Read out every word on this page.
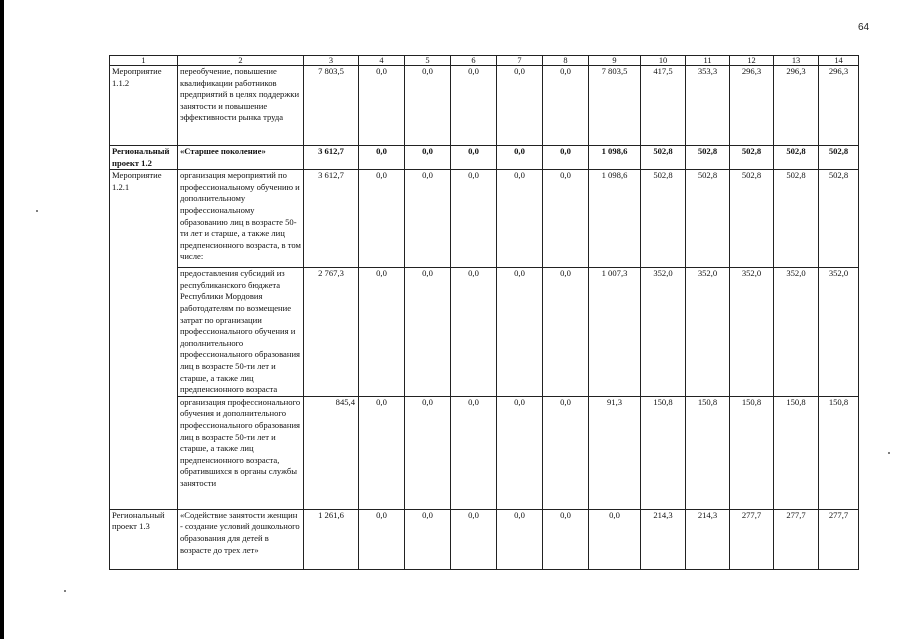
64
1	2	3	4	5	6	7	8	9	10	11	12	13	14
Мероприятие 1.1.2	переобучение, повышение квалификации работников предприятий в целях поддержки занятости и повышение эффективности рынка труда	7 803,5	0,0	0,0	0,0	0,0	0,0	7 803,5	417,5	353,3	296,3	296,3	296,3
Региональный проект 1.2	«Старшее поколение»	3 612,7	0,0	0,0	0,0	0,0	0,0	1 098,6	502,8	502,8	502,8	502,8	502,8
Мероприятие 1.2.1	организация мероприятий по профессиональному обучению и дополнительному профессиональному образованию лиц в возрасте 50-ти лет и старше, а также лиц предпенсионного возраста, в том числе:	3 612,7	0,0	0,0	0,0	0,0	0,0	1 098,6	502,8	502,8	502,8	502,8	502,8
	предоставления субсидий из республиканского бюджета Республики Мордовия работодателям по возмещение затрат по организации профессионального обучения и дополнительного профессионального образования лиц в возрасте 50-ти лет и старше, а также лиц предпенсионного возраста	2 767,3	0,0	0,0	0,0	0,0	0,0	1 007,3	352,0	352,0	352,0	352,0	352,0
	организация профессионального обучения и дополнительного профессионального образования лиц в возрасте 50-ти лет и старше, а также лиц предпенсионного возраста, обратившихся в органы службы занятости	845,4	0,0	0,0	0,0	0,0	0,0	91,3	150,8	150,8	150,8	150,8	150,8
Региональный проект 1.3	«Содействие занятости женщин - создание условий дошкольного образования для детей в возрасте до трех лет»	1 261,6	0,0	0,0	0,0	0,0	0,0	0,0	214,3	214,3	277,7	277,7	277,7
